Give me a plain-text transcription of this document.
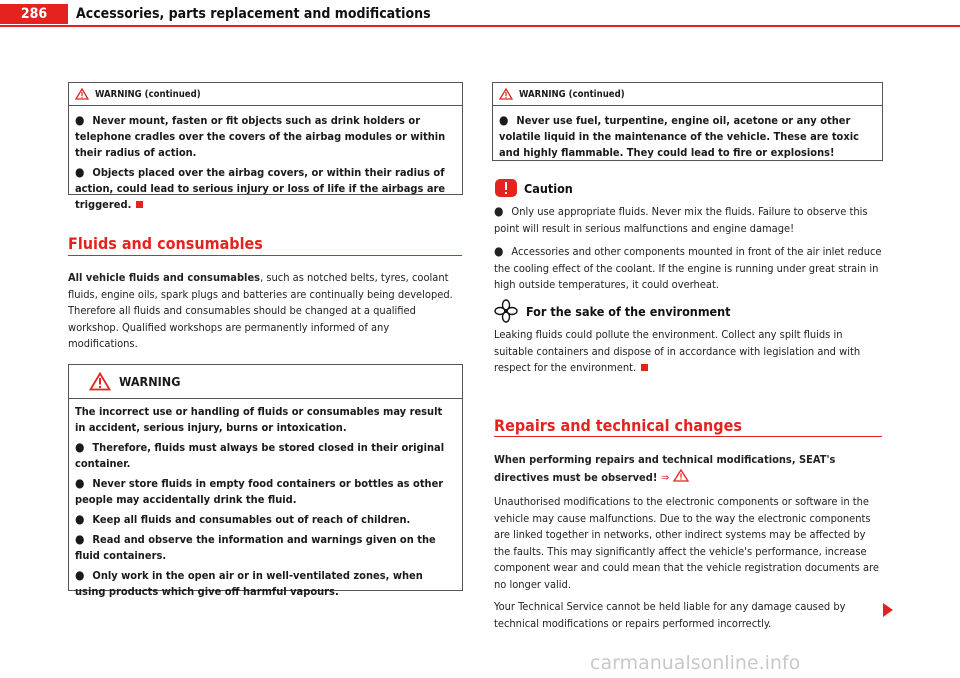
286	Accessories, parts replacement and modifications
WARNING (continued)

● Never mount, fasten or fit objects such as drink holders or telephone cradles over the covers of the airbag modules or within their radius of action.

● Objects placed over the airbag covers, or within their radius of action, could lead to serious injury or loss of life if the airbags are triggered.

Fluids and consumables

All vehicle fluids and consumables, such as notched belts, tyres, coolant fluids, engine oils, spark plugs and batteries are continually being developed. Therefore all fluids and consumables should be changed at a qualified workshop. Qualified workshops are permanently informed of any modifications.

WARNING

The incorrect use or handling of fluids or consumables may result in accident, serious injury, burns or intoxication.

● Therefore, fluids must always be stored closed in their original container.

● Never store fluids in empty food containers or bottles as other people may accidentally drink the fluid.

● Keep all fluids and consumables out of reach of children.

● Read and observe the information and warnings given on the fluid containers.

● Only work in the open air or in well-ventilated zones, when using products which give off harmful vapours.

WARNING (continued)

● Never use fuel, turpentine, engine oil, acetone or any other volatile liquid in the maintenance of the vehicle. These are toxic and highly flammable. They could lead to fire or explosions!

Caution

● Only use appropriate fluids. Never mix the fluids. Failure to observe this point will result in serious malfunctions and engine damage!

● Accessories and other components mounted in front of the air inlet reduce the cooling effect of the coolant. If the engine is running under great strain in high outside temperatures, it could overheat.

For the sake of the environment

Leaking fluids could pollute the environment. Collect any spilt fluids in suitable containers and dispose of in accordance with legislation and with respect for the environment.

Repairs and technical changes

When performing repairs and technical modifications, SEAT's directives must be observed! ⇒

Unauthorised modifications to the electronic components or software in the vehicle may cause malfunctions. Due to the way the electronic components are linked together in networks, other indirect systems may be affected by the faults. This may significantly affect the vehicle's performance, increase component wear and could mean that the vehicle registration documents are no longer valid.

Your Technical Service cannot be held liable for any damage caused by technical modifications or repairs performed incorrectly.

carmanualsonline.info
